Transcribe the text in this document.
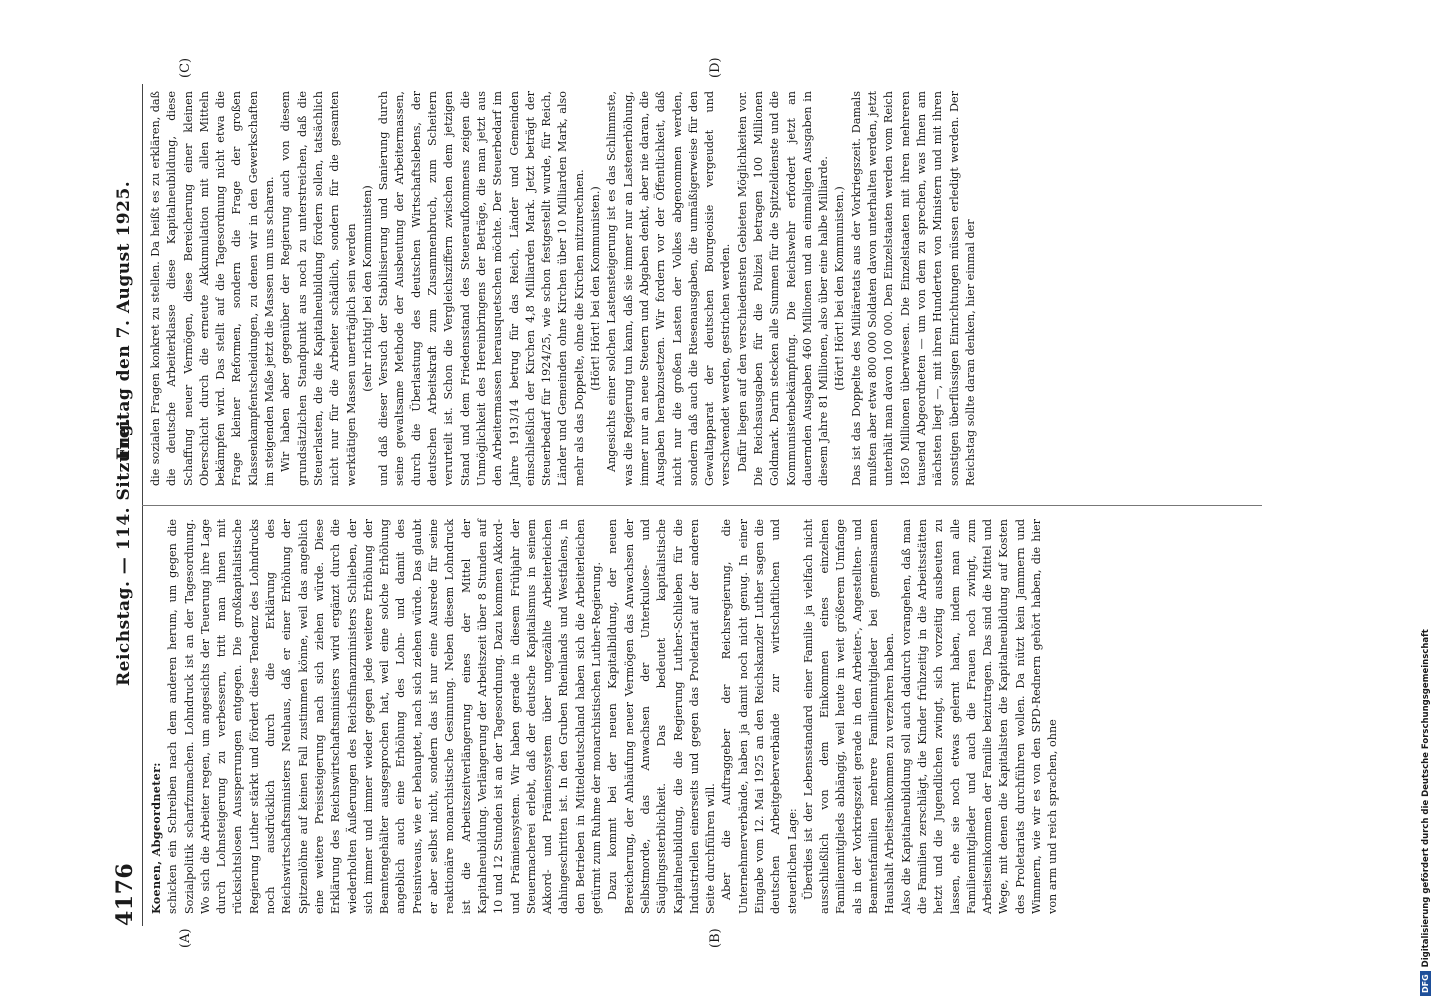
4176
Reichstag. — 114. Sitzung.
Freitag den 7. August 1925.
(A)	(B)
(C)	(D)

Koenen, Abgeordneter: schicken ein Schreiben nach dem anderen herum, um gegen die Sozialpolitik scharfzumachen. Lohndruck ist an der Tagesordnung. Wo sich die Arbeiter regen, um angesichts der Teuerung ihre Lage durch Lohnsteigerung zu verbessern, tritt man ihnen mit rücksichtslosen Aussperrungen entgegen. Die großkapitalistische Regierung Luther stärkt und fördert diese Tendenz des Lohndrucks noch ausdrücklich durch die Erklärung des Reichswirtschaftsministers Neuhaus, daß er einer Erhöhung der Spitzenlöhne auf keinen Fall zustimmen könne, weil das angeblich eine weitere Preissteigerung nach sich ziehen würde. Diese Erklärung des Reichswirtschaftsministers wird ergänzt durch die wiederholten Äußerungen des Reichsfinanzministers Schlieben, der sich immer und immer wieder gegen jede weitere Erhöhung der Beamtengehälter ausgesprochen hat, weil eine solche Erhöhung angeblich auch eine Erhöhung des Lohn- und damit des Preisniveaus, wie er behauptet, nach sich ziehen würde. Das glaubt er aber selbst nicht, sondern das ist nur eine Ausrede für seine reaktionäre monarchistische Gesinnung. Neben diesem Lohndruck ist die Arbeitszeitverlängerung eines der Mittel der Kapitalneubildung. Verlängerung der Arbeitszeit über 8 Stunden auf 10 und 12 Stunden ist an der Tagesordnung. Dazu kommen Akkord- und Prämiensystem. Wir haben gerade in diesem Frühjahr der Steuermacherei erlebt, daß der deutsche Kapitalismus in seinem Akkord- und Prämiensystem über ungezählte Arbeiterleichen dahingeschritten ist. In den Gruben Rheinlands und Westfalens, in den Betrieben in Mitteldeutschland haben sich die Arbeiterleichen getürmt zum Ruhme der monarchistischen Luther-Regierung. Dazu kommt bei der neuen Kapitalbildung, der neuen Bereicherung, der Anhäufung neuer Vermögen das Anwachsen der Selbstmorde, das Anwachsen der Unterkulose- und Säuglingssterblichkeit. Das bedeutet kapitalistische Kapitalneubildung, die die Regierung Luther-Schlieben für die Industriellen einerseits und gegen das Proletariat auf der anderen Seite durchführen will. Aber die Auftraggeber der Reichsregierung, die Unternehmerverbände, haben ja damit noch nicht genug. In einer Eingabe vom 12. Mai 1925 an den Reichskanzler Luther sagen die deutschen Arbeitgeberverbände zur wirtschaftlichen und steuerlichen Lage: Überdies ist der Lebensstandard einer Familie ja vielfach nicht ausschließlich von dem Einkommen eines einzelnen Familienmitglieds abhängig, weil heute in weit größerem Umfange als in der Vorkriegszeit gerade in den Arbeiter-, Angestellten- und Beamtenfamilien mehrere Familienmitglieder bei gemeinsamen Haushalt Arbeitseinkommen zu verzehren haben. Also die Kapitalneubildung soll auch dadurch vorangehen, daß man die Familien zerschlägt, die Kinder frühzeitig in die Arbeitsstätten hetzt und die Jugendlichen zwingt, sich vorzeitig ausbeuten zu lassen, ehe sie noch etwas gelernt haben, indem man alle Familienmitglieder und auch die Frauen noch zwingt, zum Arbeitseinkommen der Familie beizutragen. Das sind die Mittel und Wege, mit denen die Kapitalisten die Kapitalneubildung auf Kosten des Proletariats durchführen wollen. Da nützt kein Jammern und Wimmern, wie wir es von den SPD-Rednern gehört haben, die hier von arm und reich sprachen, ohne

die sozialen Fragen konkret zu stellen. Da heißt es zu erklären, daß die deutsche Arbeiterklasse diese Kapitalneubildung, diese Schaffung neuer Vermögen, diese Bereicherung einer kleinen Oberschicht durch die erneute Akkumulation mit allen Mitteln bekämpfen wird. Das stellt auf die Tagesordnung nicht etwa die Frage kleiner Reformen, sondern die Frage der großen Klassenkampfentscheidungen, zu denen wir in den Gewerkschaften im steigenden Maße jetzt die Massen um uns scharen. Wir haben aber gegenüber der Regierung auch von diesem grundsätzlichen Standpunkt aus noch zu unterstreichen, daß die Steuerlasten, die die Kapitalneubildung fördern sollen, tatsächlich nicht nur für die Arbeiter schädlich, sondern für die gesamten werktätigen Massen unerträglich sein werden (sehr richtig! bei den Kommunisten) und daß dieser Versuch der Stabilisierung und Sanierung durch seine gewaltsame Methode der Ausbeutung der Arbeitermassen, durch die Überlastung des deutschen Wirtschaftslebens, der deutschen Arbeitskraft zum Zusammenbruch, zum Scheitern verurteilt ist. Schon die Vergleichsziffern zwischen dem jetzigen Stand und dem Friedensstand des Steueraufkommens zeigen die Unmöglichkeit des Hereinbringens der Beträge, die man jetzt aus den Arbeitermassen herausquetschen möchte. Der Steuerbedarf im Jahre 1913/14 betrug für das Reich, Länder und Gemeinden einschließlich der Kirchen 4,8 Milliarden Mark. Jetzt beträgt der Steuerbedarf für 1924/25, wie schon festgestellt wurde, für Reich, Länder und Gemeinden ohne Kirchen über 10 Milliarden Mark, also mehr als das Doppelte, ohne die Kirchen mitzurechnen. (Hört! Hört! bei den Kommunisten.) Angesichts einer solchen Lastensteigerung ist es das Schlimmste, was die Regierung tun kann, daß sie immer nur an Lastenerhöhung, immer nur an neue Steuern und Abgaben denkt, aber nie daran, die Ausgaben herabzusetzen. Wir fordern vor der Öffentlichkeit, daß nicht nur die großen Lasten der Volkes abgenommen werden, sondern daß auch die Riesenausgaben, die unmäßigerweise für den Gewaltapparat der deutschen Bourgeoisie vergeudet und verschwendet werden, gestrichen werden. Dafür liegen auf den verschiedensten Gebieten Möglichkeiten vor. Die Reichsausgaben für die Polizei betragen 100 Millionen Goldmark. Darin stecken alle Summen für die Spitzeldienste und die Kommunistenbekämpfung. Die Reichswehr erfordert jetzt an dauernden Ausgaben 460 Millionen und an einmaligen Ausgaben in diesem Jahre 81 Millionen, also über eine halbe Milliarde. (Hört! Hört! bei den Kommunisten.) Das ist das Doppelte des Militäretats aus der Vorkriegszeit. Damals mußten aber etwa 800 000 Soldaten davon unterhalten werden, jetzt unterhält man davon 100 000. Den Einzelstaaten werden vom Reich 1850 Millionen überwiesen. Die Einzelstaaten mit ihren mehreren tausend Abgeordneten — um von dem zu sprechen, was Ihnen am nächsten liegt —, mit ihren Hunderten von Ministern und mit ihren sonstigen überflüssigen Einrichtungen müssen erledigt werden. Der Reichstag sollte daran denken, hier einmal der

DFGDigitalisierung gefördert durch die Deutsche Forschungsgemeinschaft
